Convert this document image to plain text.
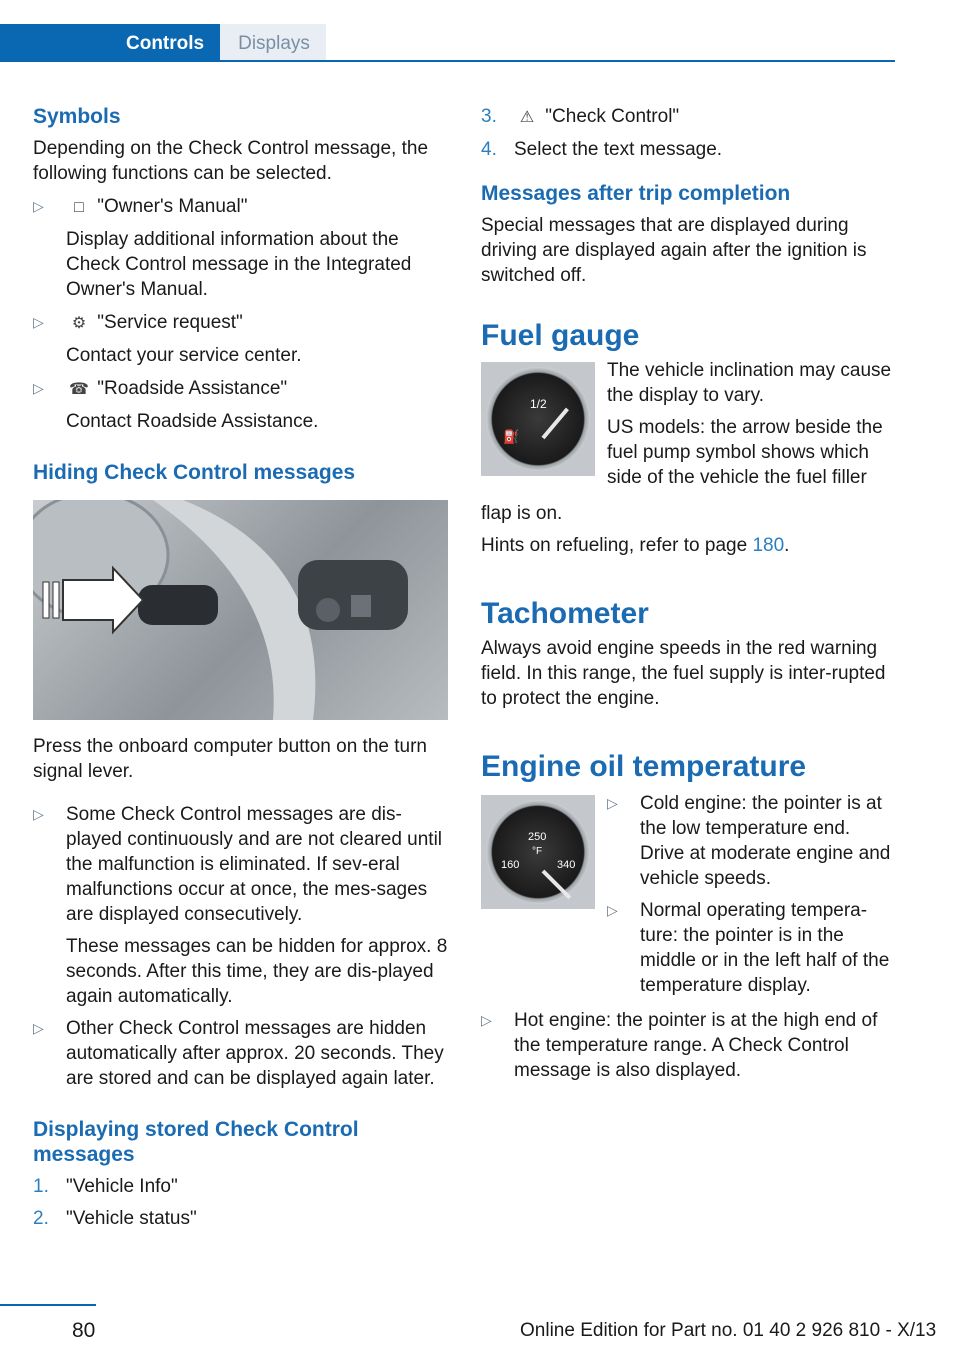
Controls	Displays
Symbols

Depending on the Check Control message, the following functions can be selected.

▷ □ "Owner's Manual"

Display additional information about the Check Control message in the Integrated Owner's Manual.

▷ ⚙ "Service request"

Contact your service center.

▷ ☎ "Roadside Assistance"

Contact Roadside Assistance.

Hiding Check Control messages

Press the onboard computer button on the turn signal lever.

▷ Some Check Control messages are dis‐played continuously and are not cleared until the malfunction is eliminated. If sev‐eral malfunctions occur at once, the mes‐sages are displayed consecutively.

These messages can be hidden for approx. 8 seconds. After this time, they are dis‐played again automatically.

▷ Other Check Control messages are hidden automatically after approx. 20 seconds. They are stored and can be displayed again later.

Displaying stored Check Control messages
1. "Vehicle Info"
2. "Vehicle status"
3. ⚠ "Check Control"
4. Select the text message.
Messages after trip completion

Special messages that are displayed during driving are displayed again after the ignition is switched off.

Fuel gauge
1/2
⛽

The vehicle inclination may cause the display to vary.

US models: the arrow beside the fuel pump symbol shows which side of the vehicle the fuel filler

flap is on.

Hints on refueling, refer to page 180.

Tachometer

Always avoid engine speeds in the red warning field. In this range, the fuel supply is inter‐rupted to protect the engine.

Engine oil temperature
250
°F
160	340

▷ Cold engine: the pointer is at the low temperature end. Drive at moderate engine and vehicle speeds.

▷ Normal operating tempera‐ture: the pointer is in the middle or in the left half of the temperature display.

▷ Hot engine: the pointer is at the high end of the temperature range. A Check Control message is also displayed.

80	Online Edition for Part no. 01 40 2 926 810 - X/13
